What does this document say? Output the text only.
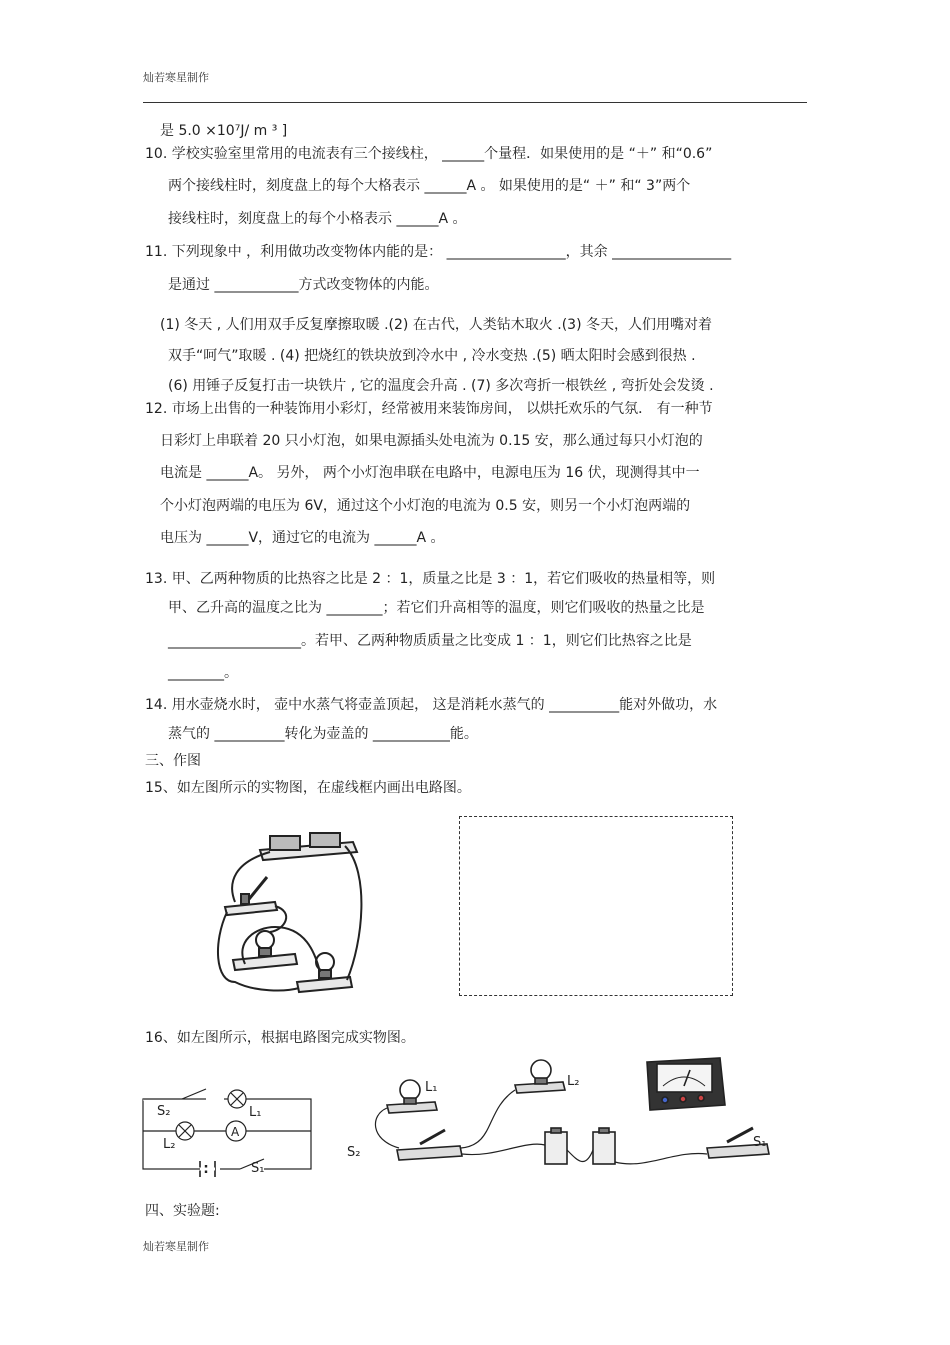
灿若寒星制作
是 5.0 ×10⁷J/ m ³ ]
10. 学校实验室里常用的电流表有三个接线柱， ______个量程．如果使用的是 “＋” 和“0.6”
两个接线柱时，刻度盘上的每个大格表示 ______A 。 如果使用的是“ ＋” 和“ 3”两个
接线柱时，刻度盘上的每个小格表示 ______A 。
11. 下列现象中 ，利用做功改变物体内能的是： _________________，其余 _________________
是通过 ____________方式改变物体的内能。
(1) 冬天 , 人们用双手反复摩擦取暖 .(2) 在古代，人类钻木取火 .(3) 冬天，人们用嘴对着
双手“呵气”取暖 . (4) 把烧红的铁块放到冷水中 , 冷水变热 .(5) 晒太阳时会感到很热 .
(6) 用锤子反复打击一块铁片 , 它的温度会升高 . (7) 多次弯折一根铁丝 , 弯折处会发烫 .
12. 市场上出售的一种装饰用小彩灯，经常被用来装饰房间， 以烘托欢乐的气氛． 有一种节
日彩灯上串联着 20 只小灯泡，如果电源插头处电流为 0.15 安，那么通过每只小灯泡的
电流是 ______A。 另外， 两个小灯泡串联在电路中，电源电压为 16 伏，现测得其中一
个小灯泡两端的电压为 6V，通过这个小灯泡的电流为 0.5 安，则另一个小灯泡两端的
电压为 ______V，通过它的电流为 ______A 。
13. 甲、乙两种物质的比热容之比是 2 ：1，质量之比是 3 ：1，若它们吸收的热量相等，则
甲、乙升高的温度之比为 ________；若它们升高相等的温度，则它们吸收的热量之比是
___________________。若甲、乙两种物质质量之比变成 1 ：1，则它们比热容之比是
________。
14. 用水壶烧水时， 壶中水蒸气将壶盖顶起， 这是消耗水蒸气的 __________能对外做功，水
蒸气的 __________转化为壶盖的 ___________能。
三、作图
15、如左图所示的实物图，在虚线框内画出电路图。
16、如左图所示，根据电路图完成实物图。
S₂	L₁
A
L₂
S₁
L₁	L₂
S₂
S₁
四、实验题:
灿若寒星制作
